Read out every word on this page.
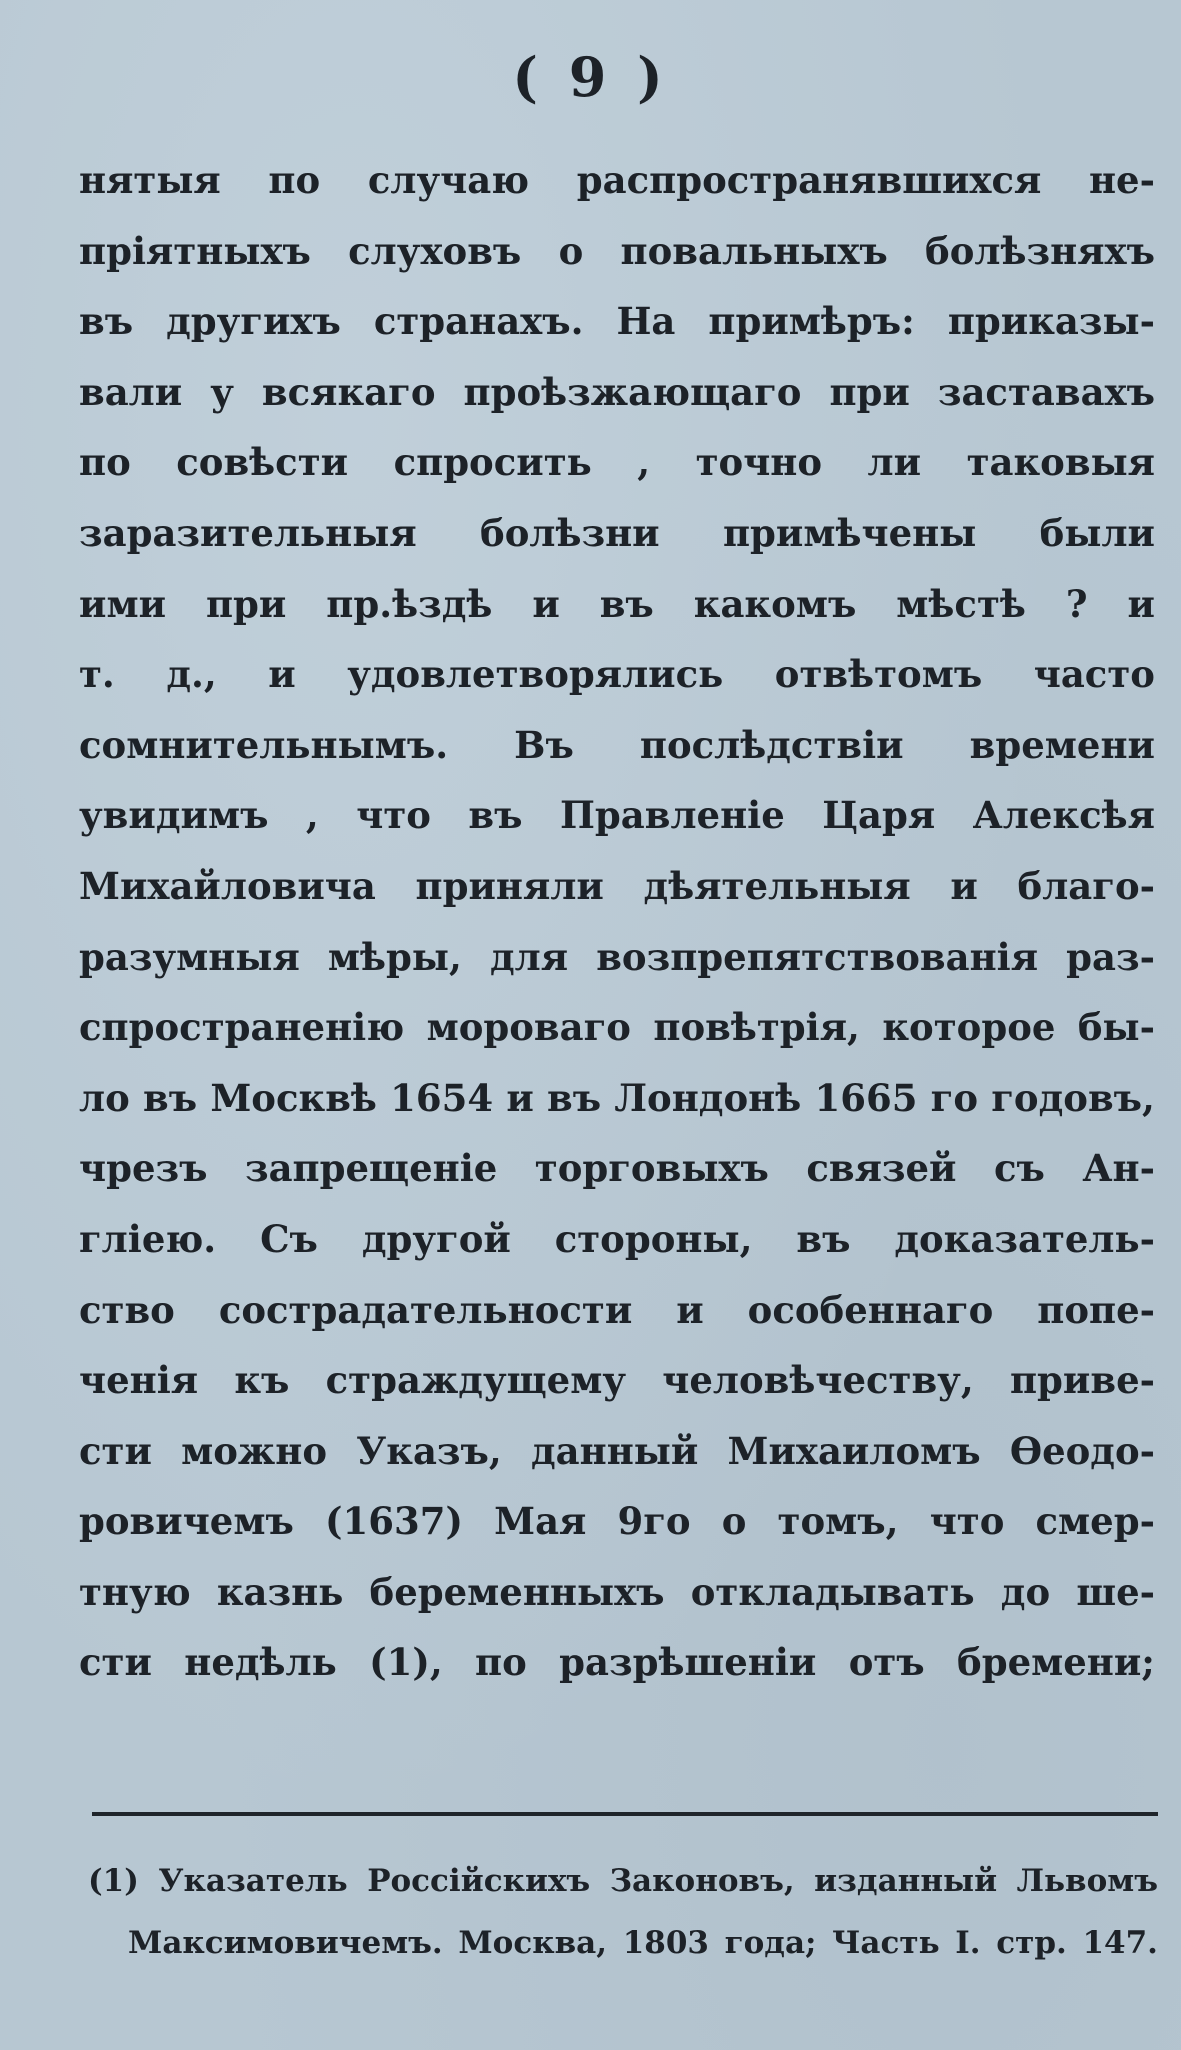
( 9 )
нятыя по случаю распространявшихся не-
пріятныхъ слуховъ о повальныхъ болѣзняхъ
въ другихъ странахъ. На примѣръ: приказы-
вали у всякаго проѣзжающаго при заставахъ
по совѣсти спросить , точно ли таковыя
заразительныя болѣзни примѣчены были
ими при пр.ѣздѣ и въ какомъ мѣстѣ ? и
т. д., и удовлетворялись отвѣтомъ часто
сомнительнымъ. Въ послѣдствіи времени
увидимъ , что въ Правленіе Царя Алексѣя
Михайловича приняли дѣятельныя и благо-
разумныя мѣры, для возпрепятствованія раз-
спространенію моровагo повѣтрія, которое бы-
ло въ Москвѣ 1654 и въ Лондонѣ 1665 го годовъ,
чрезъ запрещеніе торговыхъ связей съ Ан-
гліею. Съ другой стороны, въ доказатель-
ство сострадательности и особеннаго попе-
ченія къ страждущему человѣчеству, приве-
сти можно Указъ, данный Михаиломъ Ѳеодо-
ровичемъ (1637) Мая 9го о томъ, что смер-
тную казнь беременныхъ откладывать до ше-
сти недѣль (1), по разрѣшеніи отъ бремени;
(1) Указатель Россійскихъ Законовъ, изданный Львомъ
Максимовичемъ. Москва, 1803 года; Часть I. стр. 147.
